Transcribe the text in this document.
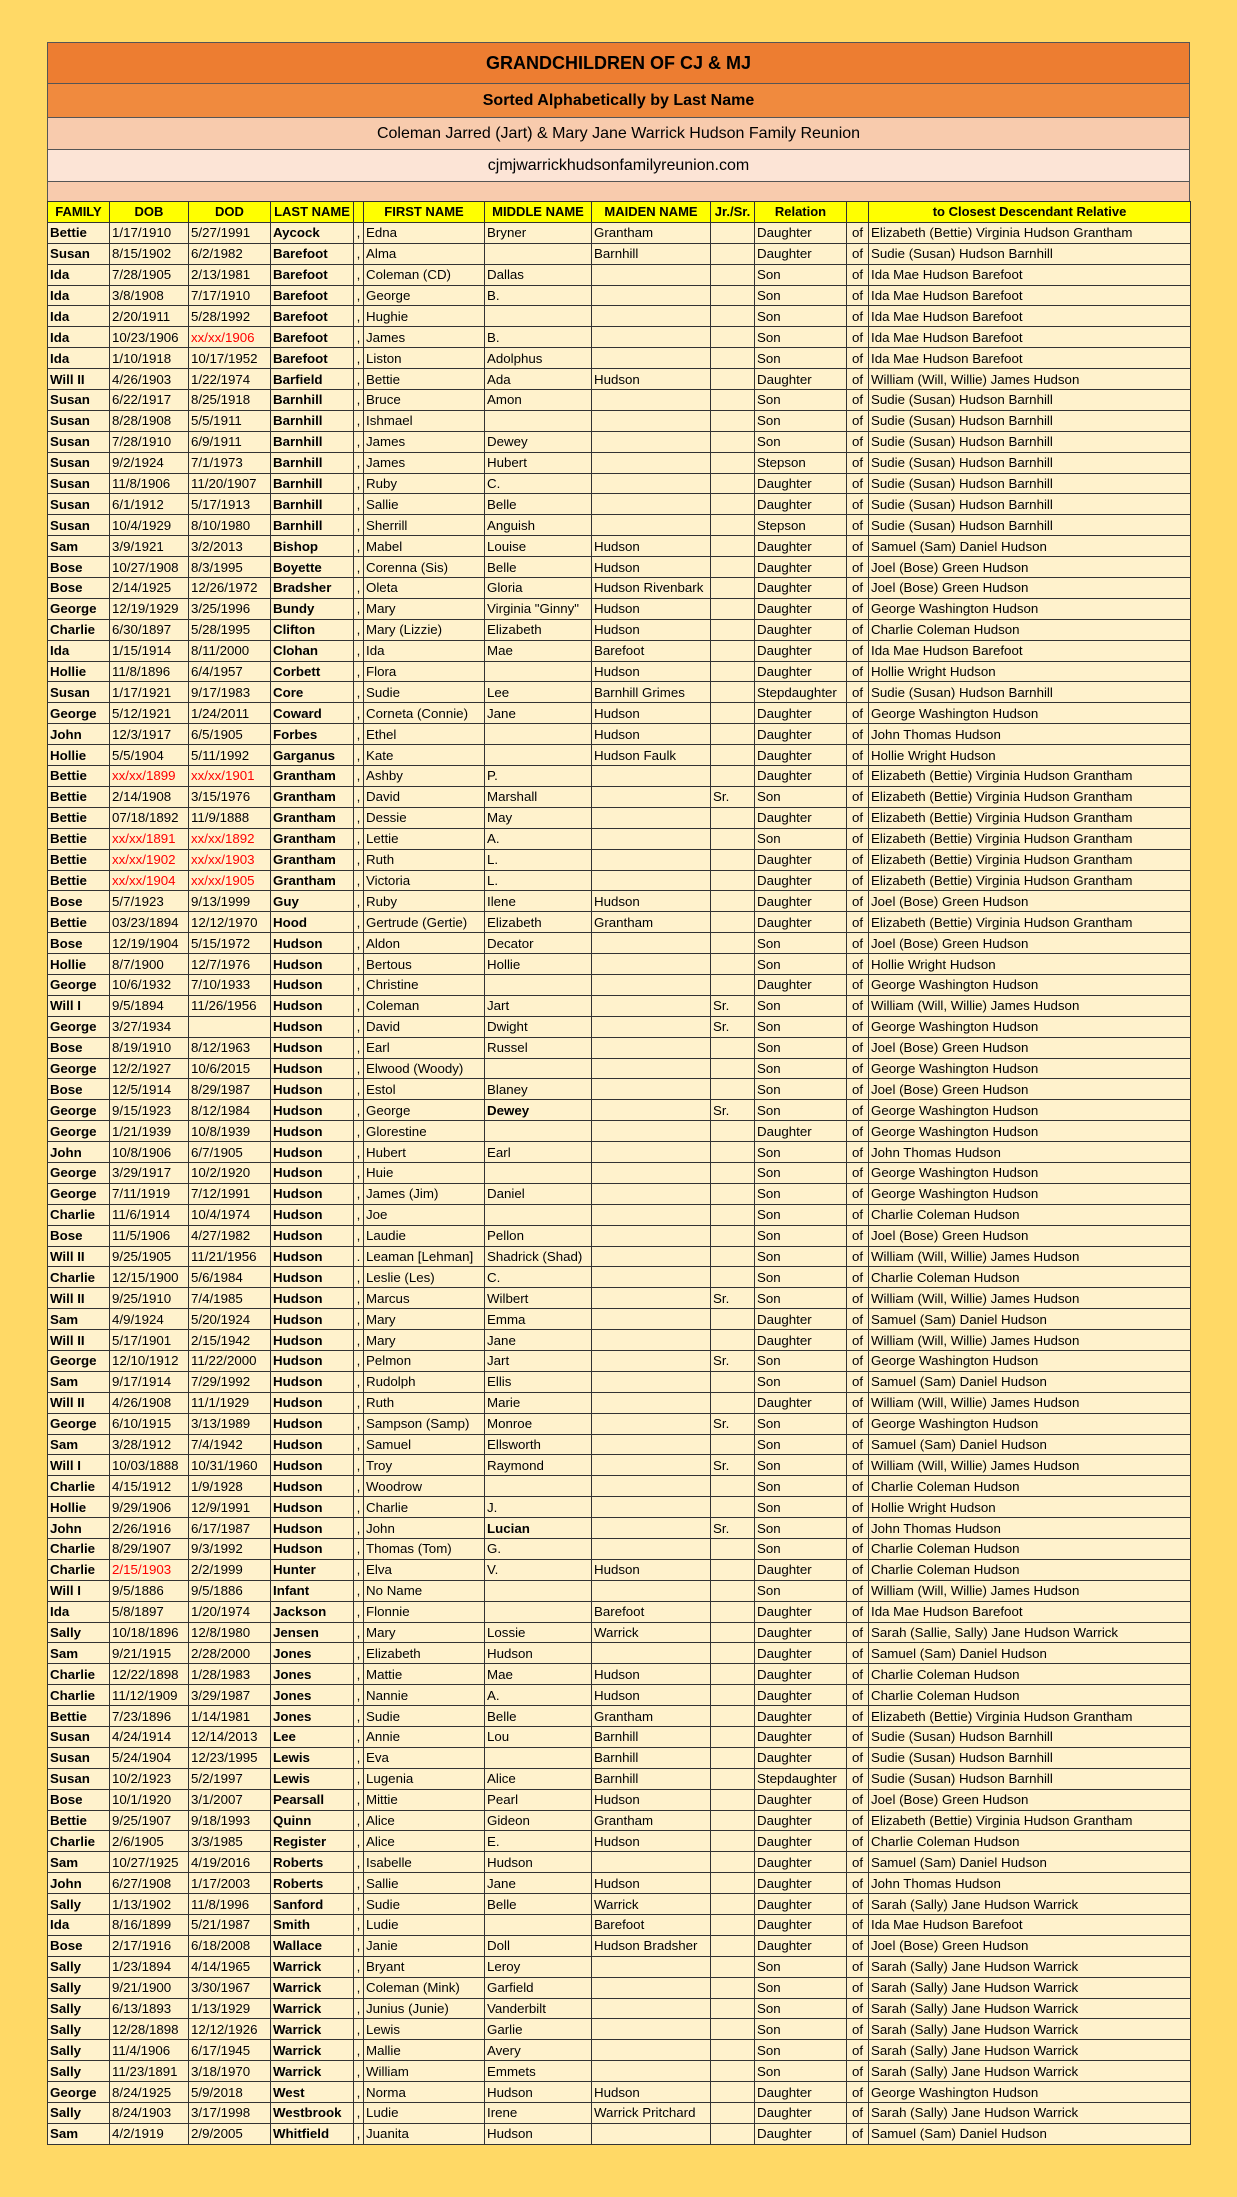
GRANDCHILDREN OF CJ & MJ
Sorted Alphabetically by Last Name
Coleman Jarred (Jart) & Mary Jane Warrick Hudson Family Reunion
cjmjwarrickhudsonfamilyreunion.com
FAMILY	DOB	DOD	LAST NAME		FIRST NAME	MIDDLE NAME	MAIDEN NAME	Jr./Sr.	Relation		to Closest Descendant Relative
Bettie	1/17/1910	5/27/1991	Aycock	,	Edna	Bryner	Grantham		Daughter	of	Elizabeth (Bettie) Virginia Hudson Grantham
Susan	8/15/1902	6/2/1982	Barefoot	,	Alma		Barnhill		Daughter	of	Sudie (Susan) Hudson Barnhill
Ida	7/28/1905	2/13/1981	Barefoot	,	Coleman (CD)	Dallas			Son	of	Ida Mae Hudson Barefoot
Ida	3/8/1908	7/17/1910	Barefoot	,	George	B.			Son	of	Ida Mae Hudson Barefoot
Ida	2/20/1911	5/28/1992	Barefoot	,	Hughie				Son	of	Ida Mae Hudson Barefoot
Ida	10/23/1906	xx/xx/1906	Barefoot	,	James	B.			Son	of	Ida Mae Hudson Barefoot
Ida	1/10/1918	10/17/1952	Barefoot	,	Liston	Adolphus			Son	of	Ida Mae Hudson Barefoot
Will II	4/26/1903	1/22/1974	Barfield	,	Bettie	Ada	Hudson		Daughter	of	William (Will, Willie) James Hudson
Susan	6/22/1917	8/25/1918	Barnhill	,	Bruce	Amon			Son	of	Sudie (Susan) Hudson Barnhill
Susan	8/28/1908	5/5/1911	Barnhill	,	Ishmael				Son	of	Sudie (Susan) Hudson Barnhill
Susan	7/28/1910	6/9/1911	Barnhill	,	James	Dewey			Son	of	Sudie (Susan) Hudson Barnhill
Susan	9/2/1924	7/1/1973	Barnhill	,	James	Hubert			Stepson	of	Sudie (Susan) Hudson Barnhill
Susan	11/8/1906	11/20/1907	Barnhill	,	Ruby	C.			Daughter	of	Sudie (Susan) Hudson Barnhill
Susan	6/1/1912	5/17/1913	Barnhill	,	Sallie	Belle			Daughter	of	Sudie (Susan) Hudson Barnhill
Susan	10/4/1929	8/10/1980	Barnhill	,	Sherrill	Anguish			Stepson	of	Sudie (Susan) Hudson Barnhill
Sam	3/9/1921	3/2/2013	Bishop	,	Mabel	Louise	Hudson		Daughter	of	Samuel (Sam) Daniel Hudson
Bose	10/27/1908	8/3/1995	Boyette	,	Corenna (Sis)	Belle	Hudson		Daughter	of	Joel (Bose) Green Hudson
Bose	2/14/1925	12/26/1972	Bradsher	,	Oleta	Gloria	Hudson Rivenbark		Daughter	of	Joel (Bose) Green Hudson
George	12/19/1929	3/25/1996	Bundy	,	Mary	Virginia "Ginny"	Hudson		Daughter	of	George Washington Hudson
Charlie	6/30/1897	5/28/1995	Clifton	,	Mary (Lizzie)	Elizabeth	Hudson		Daughter	of	Charlie Coleman Hudson
Ida	1/15/1914	8/11/2000	Clohan	,	Ida	Mae	Barefoot		Daughter	of	Ida Mae Hudson Barefoot
Hollie	11/8/1896	6/4/1957	Corbett	,	Flora		Hudson		Daughter	of	Hollie Wright Hudson
Susan	1/17/1921	9/17/1983	Core	,	Sudie	Lee	Barnhill Grimes		Stepdaughter	of	Sudie (Susan) Hudson Barnhill
George	5/12/1921	1/24/2011	Coward	,	Corneta (Connie)	Jane	Hudson		Daughter	of	George Washington Hudson
John	12/3/1917	6/5/1905	Forbes	,	Ethel		Hudson		Daughter	of	John Thomas Hudson
Hollie	5/5/1904	5/11/1992	Garganus	,	Kate		Hudson Faulk		Daughter	of	Hollie Wright Hudson
Bettie	xx/xx/1899	xx/xx/1901	Grantham	,	Ashby	P.			Daughter	of	Elizabeth (Bettie) Virginia Hudson Grantham
Bettie	2/14/1908	3/15/1976	Grantham	,	David	Marshall		Sr.	Son	of	Elizabeth (Bettie) Virginia Hudson Grantham
Bettie	07/18/1892	11/9/1888	Grantham	,	Dessie	May			Daughter	of	Elizabeth (Bettie) Virginia Hudson Grantham
Bettie	xx/xx/1891	xx/xx/1892	Grantham	,	Lettie	A.			Son	of	Elizabeth (Bettie) Virginia Hudson Grantham
Bettie	xx/xx/1902	xx/xx/1903	Grantham	,	Ruth	L.			Daughter	of	Elizabeth (Bettie) Virginia Hudson Grantham
Bettie	xx/xx/1904	xx/xx/1905	Grantham	,	Victoria	L.			Daughter	of	Elizabeth (Bettie) Virginia Hudson Grantham
Bose	5/7/1923	9/13/1999	Guy	,	Ruby	Ilene	Hudson		Daughter	of	Joel (Bose) Green Hudson
Bettie	03/23/1894	12/12/1970	Hood	,	Gertrude (Gertie)	Elizabeth	Grantham		Daughter	of	Elizabeth (Bettie) Virginia Hudson Grantham
Bose	12/19/1904	5/15/1972	Hudson	,	Aldon	Decator			Son	of	Joel (Bose) Green Hudson
Hollie	8/7/1900	12/7/1976	Hudson	,	Bertous	Hollie			Son	of	Hollie Wright Hudson
George	10/6/1932	7/10/1933	Hudson	,	Christine				Daughter	of	George Washington Hudson
Will I	9/5/1894	11/26/1956	Hudson	,	Coleman	Jart		Sr.	Son	of	William (Will, Willie) James Hudson
George	3/27/1934		Hudson	,	David	Dwight		Sr.	Son	of	George Washington Hudson
Bose	8/19/1910	8/12/1963	Hudson	,	Earl	Russel			Son	of	Joel (Bose) Green Hudson
George	12/2/1927	10/6/2015	Hudson	,	Elwood (Woody)				Son	of	George Washington Hudson
Bose	12/5/1914	8/29/1987	Hudson	,	Estol	Blaney			Son	of	Joel (Bose) Green Hudson
George	9/15/1923	8/12/1984	Hudson	,	George	Dewey		Sr.	Son	of	George Washington Hudson
George	1/21/1939	10/8/1939	Hudson	,	Glorestine				Daughter	of	George Washington Hudson
John	10/8/1906	6/7/1905	Hudson	,	Hubert	Earl			Son	of	John Thomas Hudson
George	3/29/1917	10/2/1920	Hudson	,	Huie				Son	of	George Washington Hudson
George	7/11/1919	7/12/1991	Hudson	,	James (Jim)	Daniel			Son	of	George Washington Hudson
Charlie	11/6/1914	10/4/1974	Hudson	,	Joe				Son	of	Charlie Coleman Hudson
Bose	11/5/1906	4/27/1982	Hudson	,	Laudie	Pellon			Son	of	Joel (Bose) Green Hudson
Will II	9/25/1905	11/21/1956	Hudson	.	Leaman [Lehman]	Shadrick (Shad)			Son	of	William (Will, Willie) James Hudson
Charlie	12/15/1900	5/6/1984	Hudson	,	Leslie (Les)	C.			Son	of	Charlie Coleman Hudson
Will II	9/25/1910	7/4/1985	Hudson	,	Marcus	Wilbert		Sr.	Son	of	William (Will, Willie) James Hudson
Sam	4/9/1924	5/20/1924	Hudson	,	Mary	Emma			Daughter	of	Samuel (Sam) Daniel Hudson
Will II	5/17/1901	2/15/1942	Hudson	,	Mary	Jane			Daughter	of	William (Will, Willie) James Hudson
George	12/10/1912	11/22/2000	Hudson	,	Pelmon	Jart		Sr.	Son	of	George Washington Hudson
Sam	9/17/1914	7/29/1992	Hudson	,	Rudolph	Ellis			Son	of	Samuel (Sam) Daniel Hudson
Will II	4/26/1908	11/1/1929	Hudson	,	Ruth	Marie			Daughter	of	William (Will, Willie) James Hudson
George	6/10/1915	3/13/1989	Hudson	,	Sampson (Samp)	Monroe		Sr.	Son	of	George Washington Hudson
Sam	3/28/1912	7/4/1942	Hudson	,	Samuel	Ellsworth			Son	of	Samuel (Sam) Daniel Hudson
Will I	10/03/1888	10/31/1960	Hudson	,	Troy	Raymond		Sr.	Son	of	William (Will, Willie) James Hudson
Charlie	4/15/1912	1/9/1928	Hudson	,	Woodrow				Son	of	Charlie Coleman Hudson
Hollie	9/29/1906	12/9/1991	Hudson	,	Charlie	J.			Son	of	Hollie Wright Hudson
John	2/26/1916	6/17/1987	Hudson	,	John	Lucian		Sr.	Son	of	John Thomas Hudson
Charlie	8/29/1907	9/3/1992	Hudson	,	Thomas (Tom)	G.			Son	of	Charlie Coleman Hudson
Charlie	2/15/1903	2/2/1999	Hunter	,	Elva	V.	Hudson		Daughter	of	Charlie Coleman Hudson
Will I	9/5/1886	9/5/1886	Infant	,	No Name				Son	of	William (Will, Willie) James Hudson
Ida	5/8/1897	1/20/1974	Jackson	,	Flonnie		Barefoot		Daughter	of	Ida Mae Hudson Barefoot
Sally	10/18/1896	12/8/1980	Jensen	,	Mary	Lossie	Warrick		Daughter	of	Sarah (Sallie, Sally) Jane Hudson Warrick
Sam	9/21/1915	2/28/2000	Jones	,	Elizabeth	Hudson			Daughter	of	Samuel (Sam) Daniel Hudson
Charlie	12/22/1898	1/28/1983	Jones	,	Mattie	Mae	Hudson		Daughter	of	Charlie Coleman Hudson
Charlie	11/12/1909	3/29/1987	Jones	,	Nannie	A.	Hudson		Daughter	of	Charlie Coleman Hudson
Bettie	7/23/1896	1/14/1981	Jones	,	Sudie	Belle	Grantham		Daughter	of	Elizabeth (Bettie) Virginia Hudson Grantham
Susan	4/24/1914	12/14/2013	Lee	,	Annie	Lou	Barnhill		Daughter	of	Sudie (Susan) Hudson Barnhill
Susan	5/24/1904	12/23/1995	Lewis	,	Eva		Barnhill		Daughter	of	Sudie (Susan) Hudson Barnhill
Susan	10/2/1923	5/2/1997	Lewis	,	Lugenia	Alice	Barnhill		Stepdaughter	of	Sudie (Susan) Hudson Barnhill
Bose	10/1/1920	3/1/2007	Pearsall	,	Mittie	Pearl	Hudson		Daughter	of	Joel (Bose) Green Hudson
Bettie	9/25/1907	9/18/1993	Quinn	,	Alice	Gideon	Grantham		Daughter	of	Elizabeth (Bettie) Virginia Hudson Grantham
Charlie	2/6/1905	3/3/1985	Register	,	Alice	E.	Hudson		Daughter	of	Charlie Coleman Hudson
Sam	10/27/1925	4/19/2016	Roberts	,	Isabelle	Hudson			Daughter	of	Samuel (Sam) Daniel Hudson
John	6/27/1908	1/17/2003	Roberts	,	Sallie	Jane	Hudson		Daughter	of	John Thomas Hudson
Sally	1/13/1902	11/8/1996	Sanford	,	Sudie	Belle	Warrick		Daughter	of	Sarah (Sally) Jane Hudson Warrick
Ida	8/16/1899	5/21/1987	Smith	,	Ludie		Barefoot		Daughter	of	Ida Mae Hudson Barefoot
Bose	2/17/1916	6/18/2008	Wallace	,	Janie	Doll	Hudson Bradsher		Daughter	of	Joel (Bose) Green Hudson
Sally	1/23/1894	4/14/1965	Warrick	,	Bryant	Leroy			Son	of	Sarah (Sally) Jane Hudson Warrick
Sally	9/21/1900	3/30/1967	Warrick	,	Coleman (Mink)	Garfield			Son	of	Sarah (Sally) Jane Hudson Warrick
Sally	6/13/1893	1/13/1929	Warrick	,	Junius (Junie)	Vanderbilt			Son	of	Sarah (Sally) Jane Hudson Warrick
Sally	12/28/1898	12/12/1926	Warrick	,	Lewis	Garlie			Son	of	Sarah (Sally) Jane Hudson Warrick
Sally	11/4/1906	6/17/1945	Warrick	,	Mallie	Avery			Son	of	Sarah (Sally) Jane Hudson Warrick
Sally	11/23/1891	3/18/1970	Warrick	,	William	Emmets			Son	of	Sarah (Sally) Jane Hudson Warrick
George	8/24/1925	5/9/2018	West	,	Norma	Hudson	Hudson		Daughter	of	George Washington Hudson
Sally	8/24/1903	3/17/1998	Westbrook	,	Ludie	Irene	Warrick Pritchard		Daughter	of	Sarah (Sally) Jane Hudson Warrick
Sam	4/2/1919	2/9/2005	Whitfield	,	Juanita	Hudson			Daughter	of	Samuel (Sam) Daniel Hudson
